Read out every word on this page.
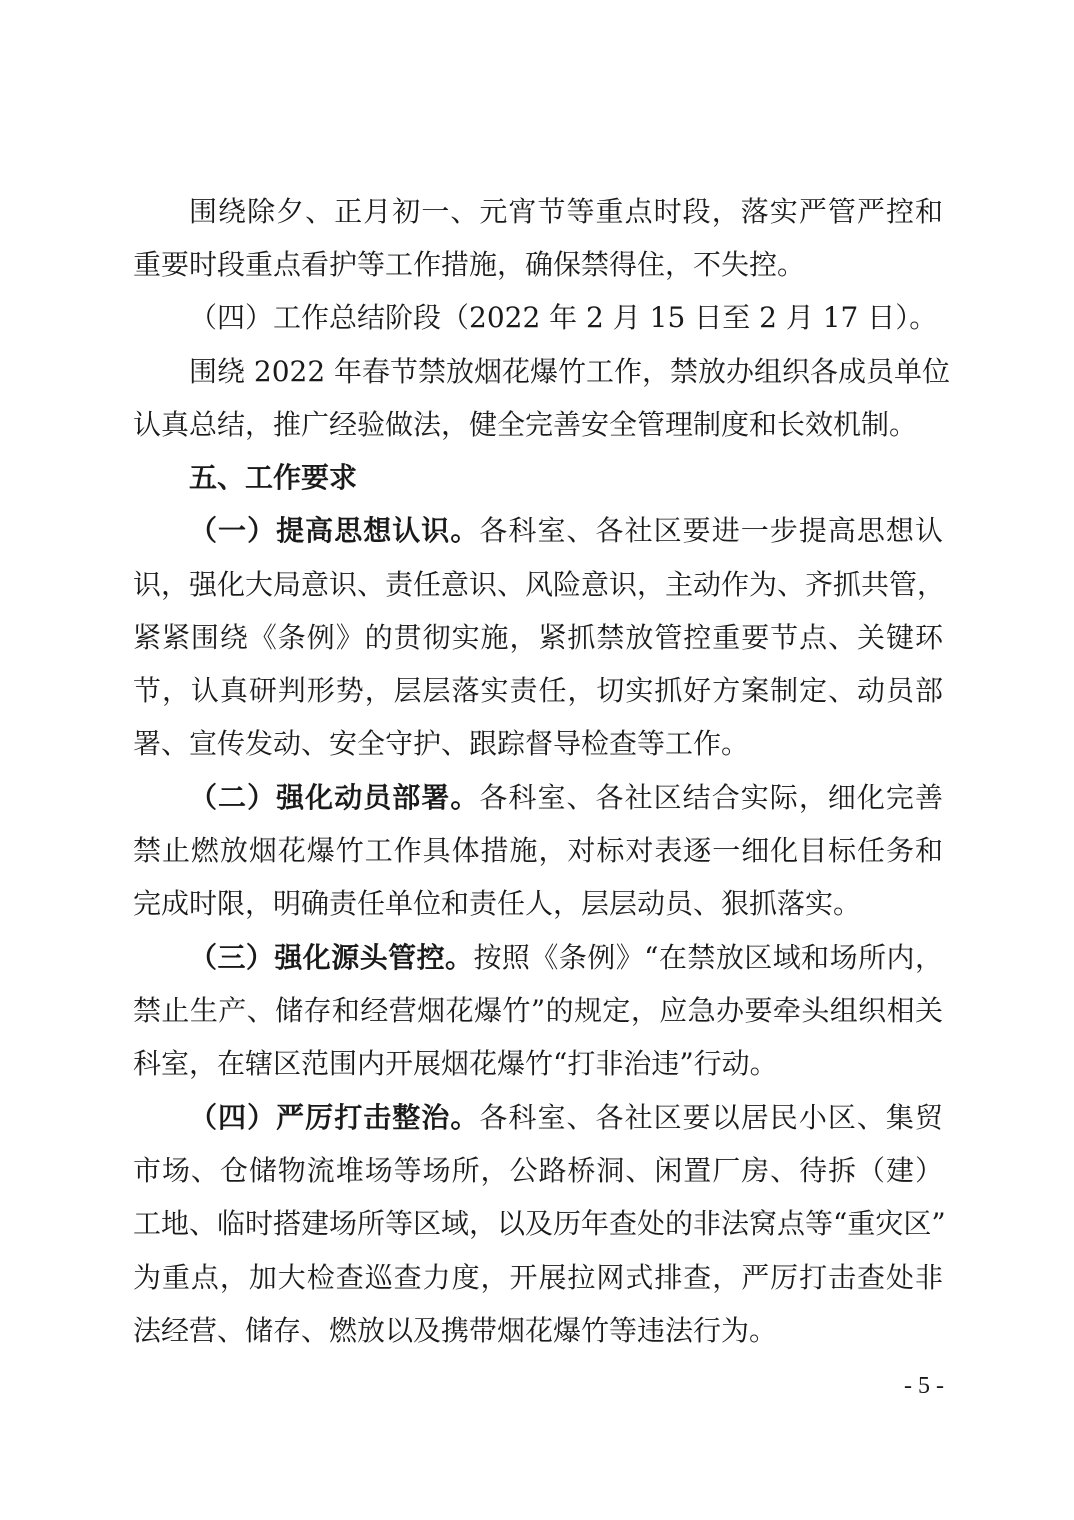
围绕除夕、正月初一、元宵节等重点时段，落实严管严控和
重要时段重点看护等工作措施，确保禁得住，不失控。
（四）工作总结阶段（2022 年 2 月 15 日至 2 月 17 日）。
围绕 2022 年春节禁放烟花爆竹工作，禁放办组织各成员单位
认真总结，推广经验做法，健全完善安全管理制度和长效机制。
五、工作要求
（一）提高思想认识。各科室、各社区要进一步提高思想认
识，强化大局意识、责任意识、风险意识，主动作为、齐抓共管，
紧紧围绕《条例》的贯彻实施，紧抓禁放管控重要节点、关键环
节，认真研判形势，层层落实责任，切实抓好方案制定、动员部
署、宣传发动、安全守护、跟踪督导检查等工作。
（二）强化动员部署。各科室、各社区结合实际，细化完善
禁止燃放烟花爆竹工作具体措施，对标对表逐一细化目标任务和
完成时限，明确责任单位和责任人，层层动员、狠抓落实。
（三）强化源头管控。按照《条例》“在禁放区域和场所内，
禁止生产、储存和经营烟花爆竹”的规定，应急办要牵头组织相关
科室，在辖区范围内开展烟花爆竹“打非治违”行动。
（四）严厉打击整治。各科室、各社区要以居民小区、集贸
市场、仓储物流堆场等场所，公路桥洞、闲置厂房、待拆（建）
工地、临时搭建场所等区域，以及历年查处的非法窝点等“重灾区”
为重点，加大检查巡查力度，开展拉网式排查，严厉打击查处非
法经营、储存、燃放以及携带烟花爆竹等违法行为。
- 5 -
